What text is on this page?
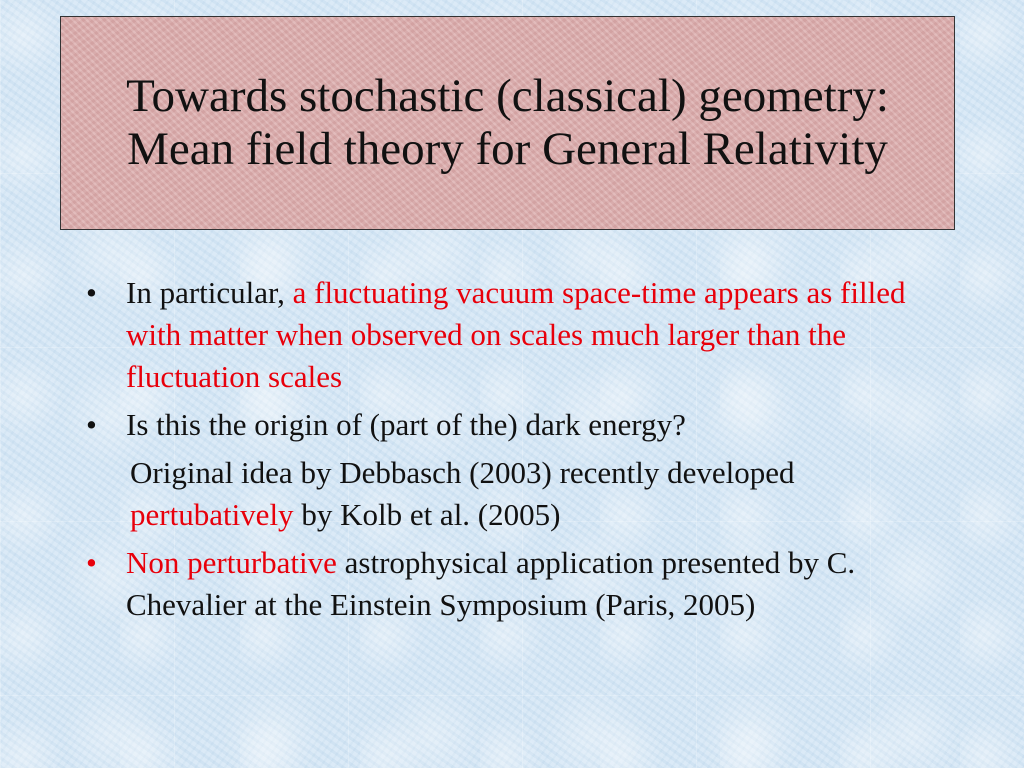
Towards stochastic (classical) geometry: Mean field theory for General Relativity
• In particular, a fluctuating vacuum space-time appears as filled with matter when observed on scales much larger than the fluctuation scales
• Is this the origin of (part of the) dark energy?
Original idea by Debbasch (2003) recently developed pertubatively by Kolb et al. (2005)
• Non perturbative astrophysical application presented by C. Chevalier at the Einstein Symposium (Paris, 2005)
